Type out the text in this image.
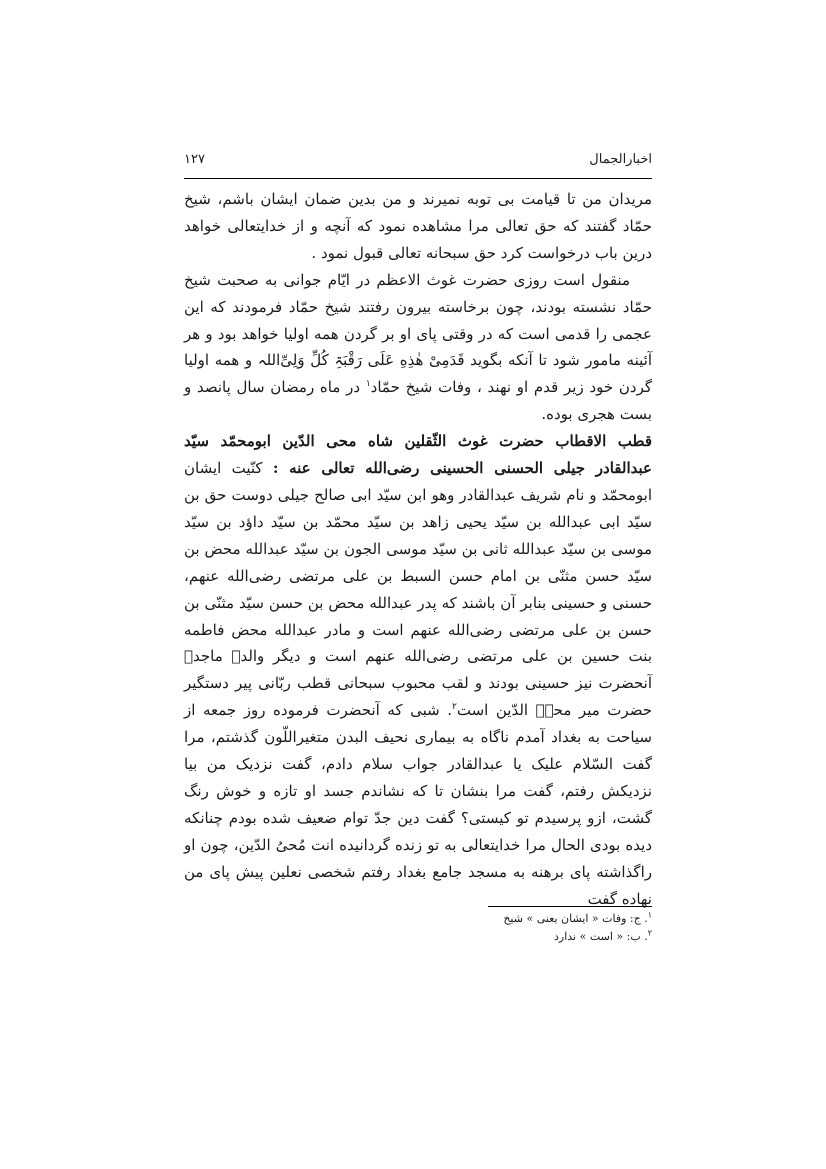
اخبارالجمال
۱۲۷

مریدان من تا قیامت بی توبه نمیرند و من بدین ضمان ایشان باشم، شیخ حمّاد گفتند که حق تعالی مرا مشاهده نمود که آنچه و از خدایتعالی خواهد درین باب درخواست کرد حق سبحانه تعالی قبول نمود .

منقول است روزی حضرت غوث الاعظم در ایّام جوانی به صحبت شیخ حمّاد نشسته بودند، چون برخاسته بیرون رفتند شیخ حمّاد فرمودند که این عجمی را قدمی است که در وقتی پای او بر گردن همه اولیا خواهد بود و هر آئینه مامور شود تا آنکه بگوید قَدَمِیْ هٰذِهِ عَلَی رَقْبَۃِ کُلِّ وَلِیِّ‌اللہ و همه اولیا گردن خود زیر قدم او نهند ، وفات شیخ حمّاد$^۱$ در ماه رمضان سال پانصد و بست هجری بوده.

قطب الاقطاب حضرت غوث الثّقلین شاه محی الدّین ابومحمّد سیّد عبدالقادر جیلی الحسنی الحسینی رضی‌الله تعالی عنه : کنّیت ایشان ابومحمّد و نام شریف عبدالقادر وهو ابن سیّد ابی صالح جیلی دوست حق بن سیّد ابی عبدالله بن سیّد یحیی زاهد بن سیّد محمّد بن سیّد داؤد بن سیّد موسی بن سیّد عبدالله ثانی بن سیّد موسی الجون بن سیّد عبدالله محض بن سیّد حسن مثنّی بن امام حسن السبط بن علی مرتضی رضی‌الله عنهم، حسنی و حسینی بنابر آن باشند که پدر عبدالله محض بن حسن سیّد مثنّی بن حسن بن علی مرتضی رضی‌الله عنهم است و مادر عبدالله محض فاطمه بنت حسین بن علی مرتضی رضی‌الله عنهم است و دیگر والدۂ ماجدۂ آنحضرت نیز حسینی بودند و لقب محبوب سبحانی قطب ربّانی پیر دستگیر حضرت میر محیؔ الدّین است$^۲$. شبی که آنحضرت فرموده روز جمعه از سیاحت به بغداد آمدم ناگاه به بیماری نحیف البدن متغیراللّون گذشتم، مرا گفت السّلام علیک یا عبدالقادر جواب سلام دادم، گفت نزدیک من بیا نزدیکش رفتم، گفت مرا بنشان تا که نشاندم جسد او تازه و خوش رنگ گشت، ازو پرسیدم تو کیستی؟ گفت دین جدّ توام ضعیف شده بودم چنانکه دیده بودی الحال مرا خدایتعالی به تو زنده گردانیده انت مُحیُ الدّین، چون او راگذاشته پای برهنه به مسجد جامع بغداد رفتم شخصی نعلین پیش پای من نهاده گفت

$^۱$. ج: وفات « ایشان یعنی » شیخ
$^۲$. ب: « است » ندارد
